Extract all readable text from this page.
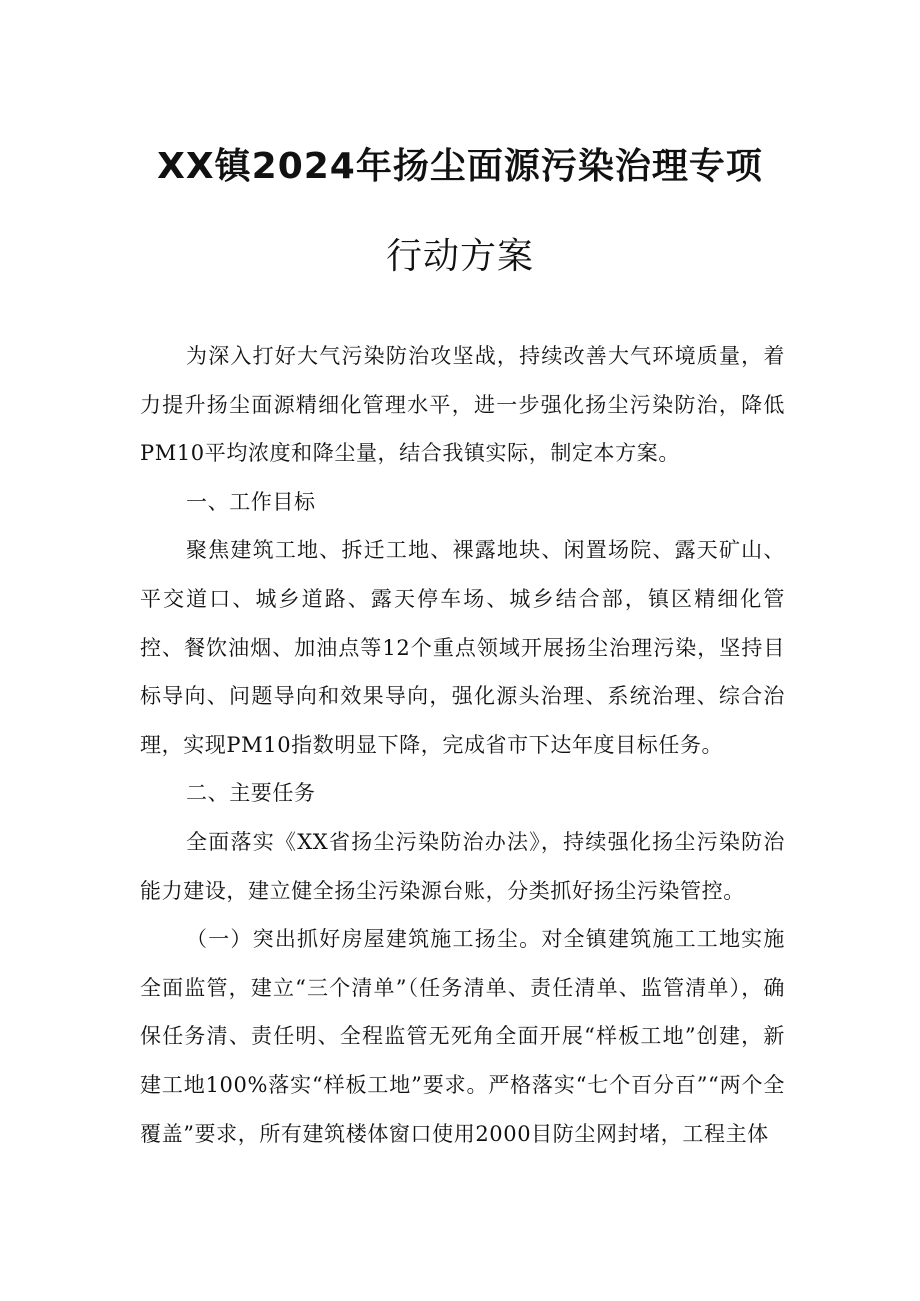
XX镇2024年扬尘面源污染治理专项
行动方案

为深入打好大气污染防治攻坚战，持续改善大气环境质量，着力提升扬尘面源精细化管理水平，进一步强化扬尘污染防治，降低PM10平均浓度和降尘量，结合我镇实际，制定本方案。

一、工作目标

聚焦建筑工地、拆迁工地、裸露地块、闲置场院、露天矿山、平交道口、城乡道路、露天停车场、城乡结合部，镇区精细化管控、餐饮油烟、加油点等12个重点领域开展扬尘治理污染，坚持目标导向、问题导向和效果导向，强化源头治理、系统治理、综合治理，实现PM10指数明显下降，完成省市下达年度目标任务。

二、主要任务

全面落实《XX省扬尘污染防治办法》，持续强化扬尘污染防治能力建设，建立健全扬尘污染源台账，分类抓好扬尘污染管控。

（一）突出抓好房屋建筑施工扬尘。对全镇建筑施工工地实施全面监管，建立“三个清单”（任务清单、责任清单、监管清单），确保任务清、责任明、全程监管无死角全面开展“样板工地”创建，新建工地100%落实“样板工地”要求。严格落实“七个百分百”“两个全覆盖”要求，所有建筑楼体窗口使用2000目防尘网封堵，工程主体
